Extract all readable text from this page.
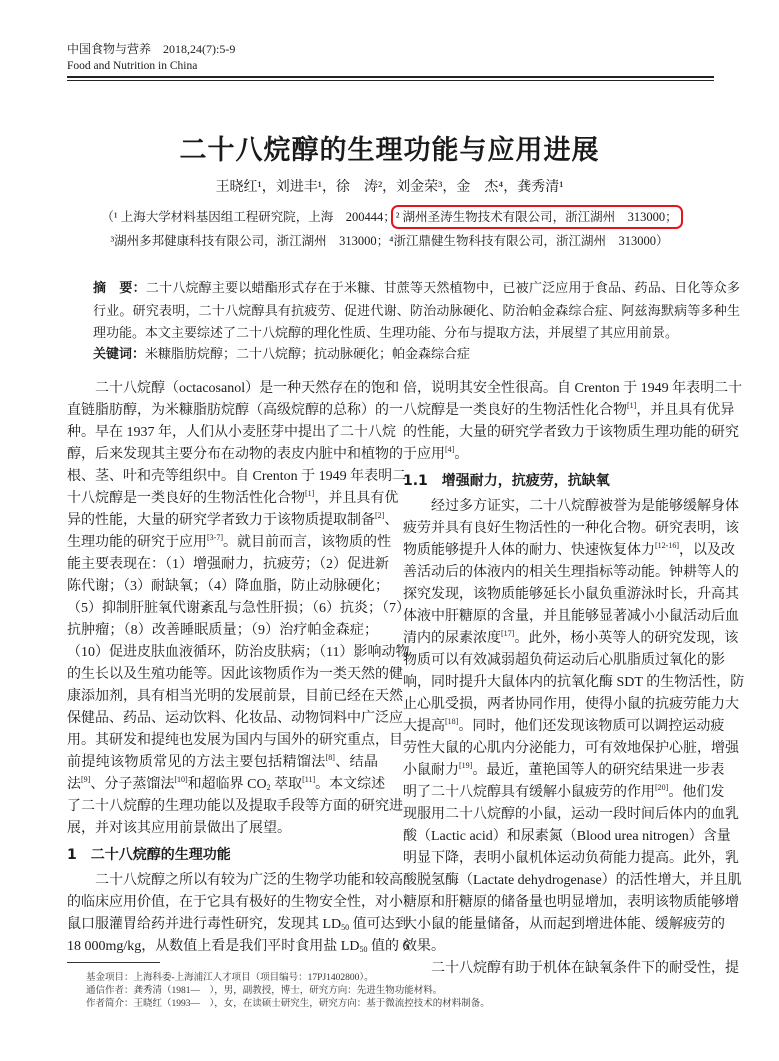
中国食物与营养　2018,24(7):5-9
Food and Nutrition in China
二十八烷醇的生理功能与应用进展
王晓红¹，刘进丰¹，徐　涛²，刘金荣³，金　杰⁴，龚秀清¹
（¹ 上海大学材料基因组工程研究院，上海　200444；² 湖州圣涛生物技术有限公司，浙江湖州　313000；
³湖州多邦健康科技有限公司，浙江湖州　313000；⁴浙江鼎健生物科技有限公司，浙江湖州　313000）
摘　要：二十八烷醇主要以蜡酯形式存在于米糠、甘蔗等天然植物中，已被广泛应用于食品、药品、日化等众多行业。研究表明，二十八烷醇具有抗疲劳、促进代谢、防治动脉硬化、防治帕金森综合症、阿兹海默病等多种生理功能。本文主要综述了二十八烷醇的理化性质、生理功能、分布与提取方法，并展望了其应用前景。
关键词：米糠脂肪烷醇；二十八烷醇；抗动脉硬化；帕金森综合症
二十八烷醇（octacosanol）是一种天然存在的饱和
直链脂肪醇，为米糠脂肪烷醇（高级烷醇的总称）的一
种。早在 1937 年，人们从小麦胚芽中提出了二十八烷
醇，后来发现其主要分布在动物的表皮内脏中和植物的
根、茎、叶和壳等组织中。自 Crenton 于 1949 年表明二
十八烷醇是一类良好的生物活性化合物[1]，并且具有优
异的性能，大量的研究学者致力于该物质提取制备[2]、
生理功能的研究于应用[3-7]。就目前而言，该物质的性
能主要表现在：（1）增强耐力，抗疲劳；（2）促进新
陈代谢；（3）耐缺氧；（4）降血脂，防止动脉硬化；
（5）抑制肝脏氧代谢紊乱与急性肝损；（6）抗炎；（7）
抗肿瘤；（8）改善睡眠质量；（9）治疗帕金森症；
（10）促进皮肤血液循环，防治皮肤病；（11）影响动物
的生长以及生殖功能等。因此该物质作为一类天然的健
康添加剂，具有相当光明的发展前景，目前已经在天然
保健品、药品、运动饮料、化妆品、动物饲料中广泛应
用。其研发和提纯也发展为国内与国外的研究重点，目
前提纯该物质常见的方法主要包括精馏法[8]、结晶
法[9]、分子蒸馏法[10]和超临界 $CO_2$ 萃取[11]。本文综述
了二十八烷醇的生理功能以及提取手段等方面的研究进
展，并对该其应用前景做出了展望。
1　二十八烷醇的生理功能
二十八烷醇之所以有较为广泛的生物学功能和较高
的临床应用价值，在于它具有极好的生物安全性，对小
鼠口服灌胃给药并进行毒性研究，发现其 $LD_{50}$ 值可达到
18 000mg/kg，从数值上看是我们平时食用盐 $LD_{50}$ 值的 6
倍，说明其安全性很高。自 Crenton 于 1949 年表明二十
八烷醇是一类良好的生物活性化合物[1]，并且具有优异
的性能，大量的研究学者致力于该物质生理功能的研究
于应用[4]。
1.1　增强耐力，抗疲劳，抗缺氧
经过多方证实，二十八烷醇被誉为是能够缓解身体
疲劳并具有良好生物活性的一种化合物。研究表明，该
物质能够提升人体的耐力、快速恢复体力[12-16]，以及改
善活动后的体液内的相关生理指标等动能。钟耕等人的
探究发现，该物质能够延长小鼠负重游泳时长，升高其
体液中肝糖原的含量，并且能够显著减小小鼠活动后血
清内的尿素浓度[17]。此外，杨小英等人的研究发现，该
物质可以有效减弱超负荷运动后心肌脂质过氧化的影
响，同时提升大鼠体内的抗氧化酶 SDT 的生物活性，防
止心肌受损，两者协同作用，使得小鼠的抗疲劳能力大
大提高[18]。同时，他们还发现该物质可以调控运动疲
劳性大鼠的心肌内分泌能力，可有效地保护心脏，增强
小鼠耐力[19]。最近，董艳国等人的研究结果进一步表
明了二十八烷醇具有缓解小鼠疲劳的作用[20]。他们发
现服用二十八烷醇的小鼠，运动一段时间后体内的血乳
酸（Lactic acid）和尿素氮（Blood urea nitrogen）含量
明显下降，表明小鼠机体运动负荷能力提高。此外，乳
酸脱氢酶（Lactate dehydrogenase）的活性增大，并且肌
糖原和肝糖原的储备量也明显增加，表明该物质能够增
大小鼠的能量储备，从而起到增进体能、缓解疲劳的
效果。
二十八烷醇有助于机体在缺氧条件下的耐受性，提
基金项目：上海科委-上海浦江人才项目（项目编号：17PJ1402800）。
通信作者：龚秀清（1981—　），男，副教授，博士，研究方向：先进生物功能材料。
作者简介：王晓红（1993—　），女，在读硕士研究生，研究方向：基于微流控技术的材料制备。
